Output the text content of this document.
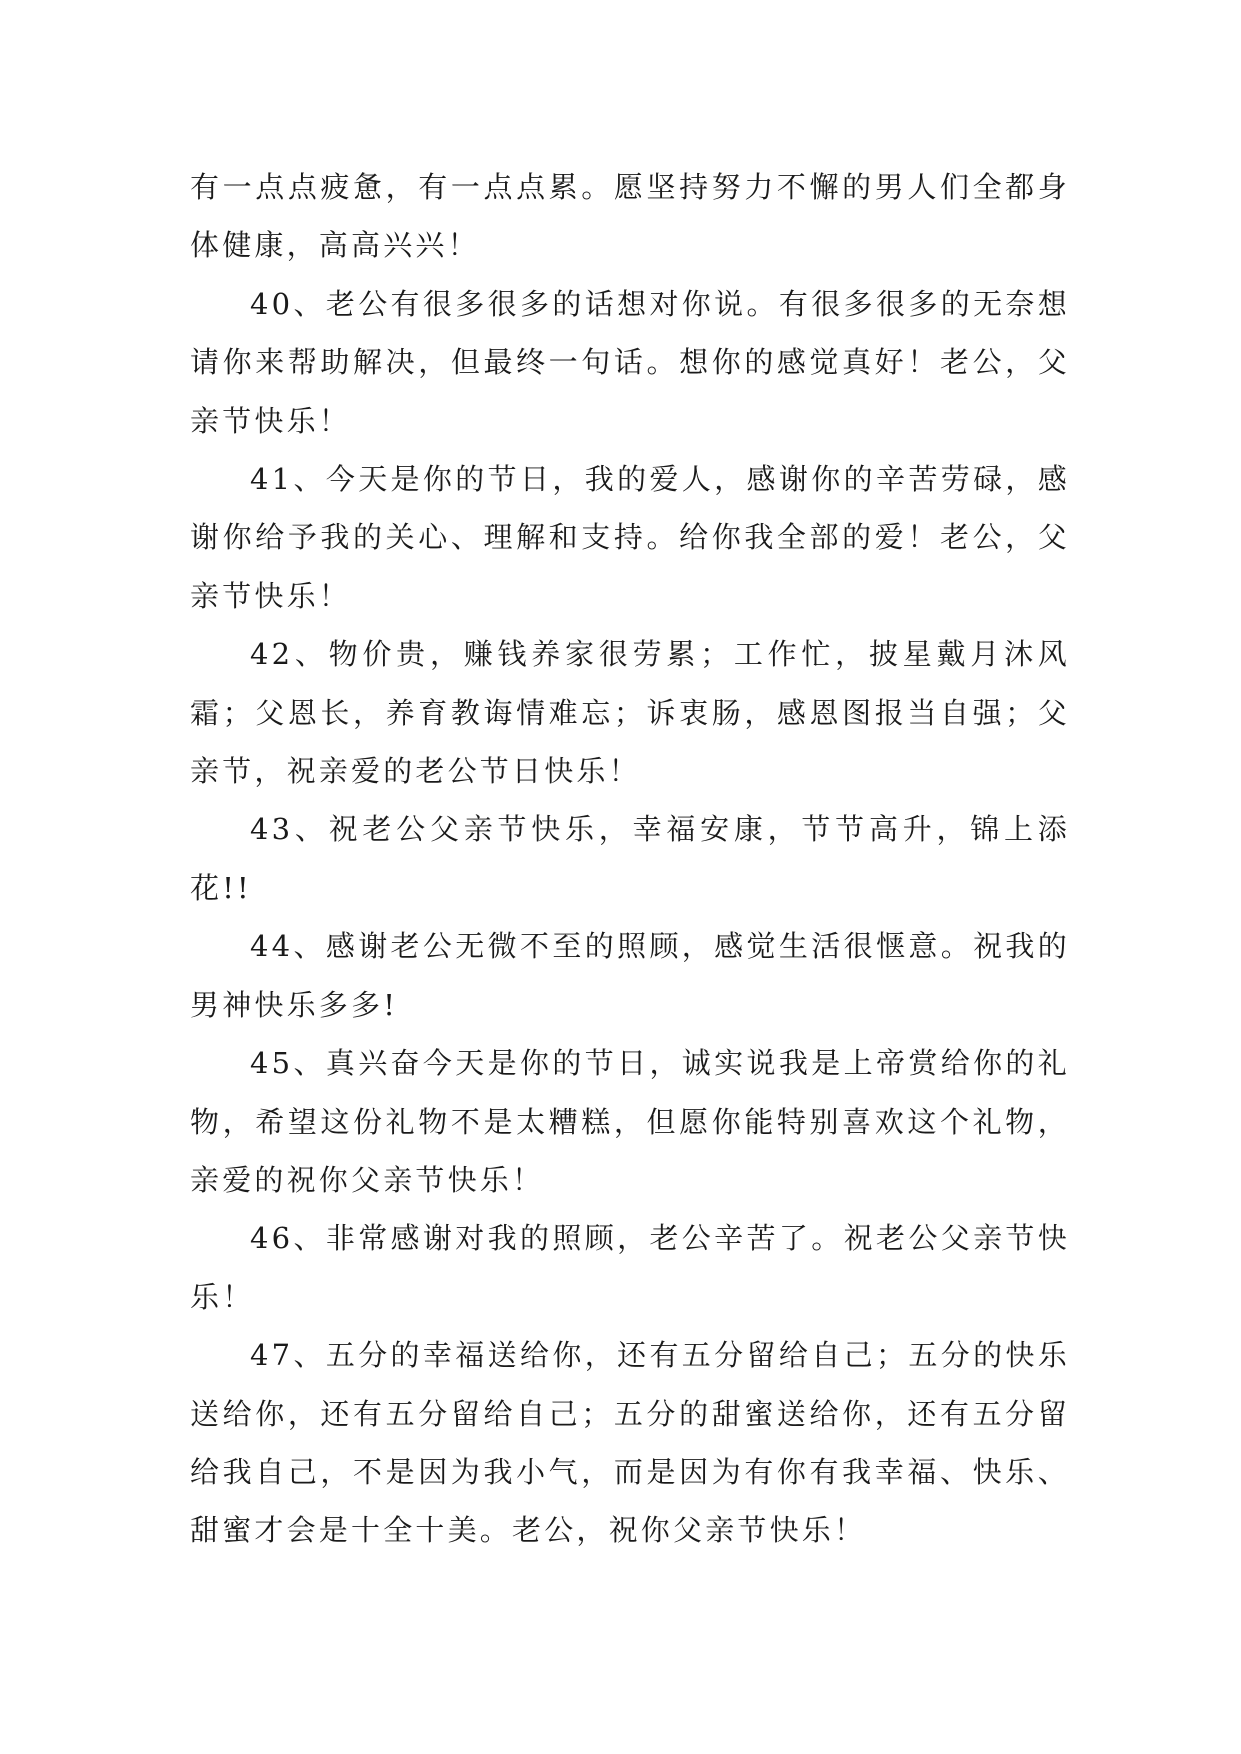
有一点点疲惫，有一点点累。愿坚持努力不懈的男人们全都身体健康，高高兴兴！

40、老公有很多很多的话想对你说。有很多很多的无奈想请你来帮助解决，但最终一句话。想你的感觉真好！老公，父亲节快乐！

41、今天是你的节日，我的爱人，感谢你的辛苦劳碌，感谢你给予我的关心、理解和支持。给你我全部的爱！老公，父亲节快乐！

42、物价贵，赚钱养家很劳累；工作忙，披星戴月沐风霜；父恩长，养育教诲情难忘；诉衷肠，感恩图报当自强；父亲节，祝亲爱的老公节日快乐！

43、祝老公父亲节快乐，幸福安康，节节高升，锦上添花!!

44、感谢老公无微不至的照顾，感觉生活很惬意。祝我的男神快乐多多!

45、真兴奋今天是你的节日，诚实说我是上帝赏给你的礼物，希望这份礼物不是太糟糕，但愿你能特别喜欢这个礼物，亲爱的祝你父亲节快乐！

46、非常感谢对我的照顾，老公辛苦了。祝老公父亲节快乐！

47、五分的幸福送给你，还有五分留给自己；五分的快乐送给你，还有五分留给自己；五分的甜蜜送给你，还有五分留给我自己，不是因为我小气，而是因为有你有我幸福、快乐、甜蜜才会是十全十美。老公，祝你父亲节快乐！
